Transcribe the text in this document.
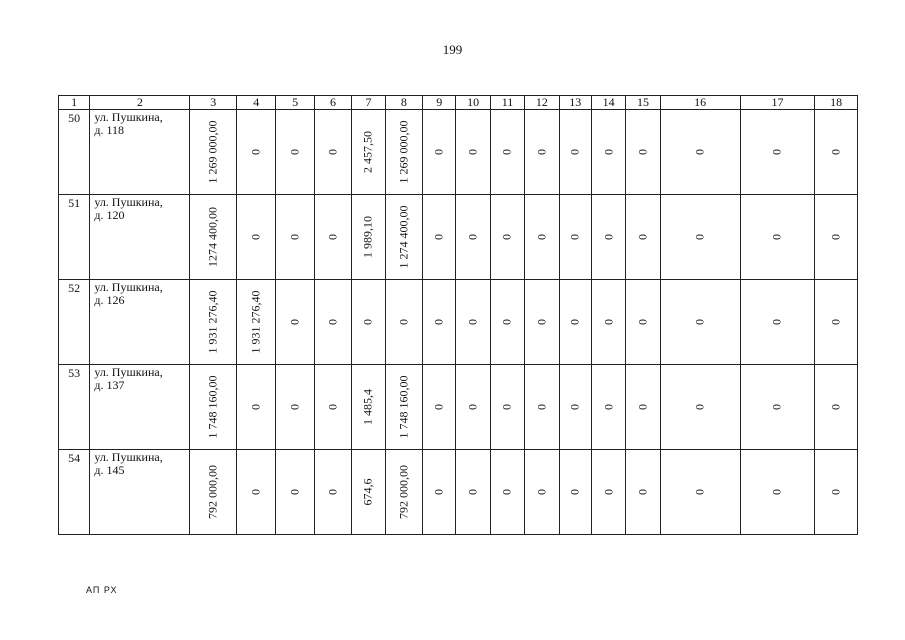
199
1	2	3	4	5	6	7	8	9	10	11	12	13	14	15	16	17	18
50	ул. Пушкина,
д. 118	1 269 000,00	0	0	0	2 457,50	1 269 000,00	0	0	0	0	0	0	0	0	0	0

51	ул. Пушкина,
д. 120	1274 400,00	0	0	0	1 989,10	1 274 400,00	0	0	0	0	0	0	0	0	0	0

52	ул. Пушкина,
д. 126	1 931 276,40	1 931 276,40	0	0	0	0	0	0	0	0	0	0	0	0	0	0

53	ул. Пушкина,
д. 137	1 748 160,00	0	0	0	1 485,4	1 748 160,00	0	0	0	0	0	0	0	0	0	0

54	ул. Пушкина,
д. 145	792 000,00	0	0	0	674,6	792 000,00	0	0	0	0	0	0	0	0	0	0
АП РХ
